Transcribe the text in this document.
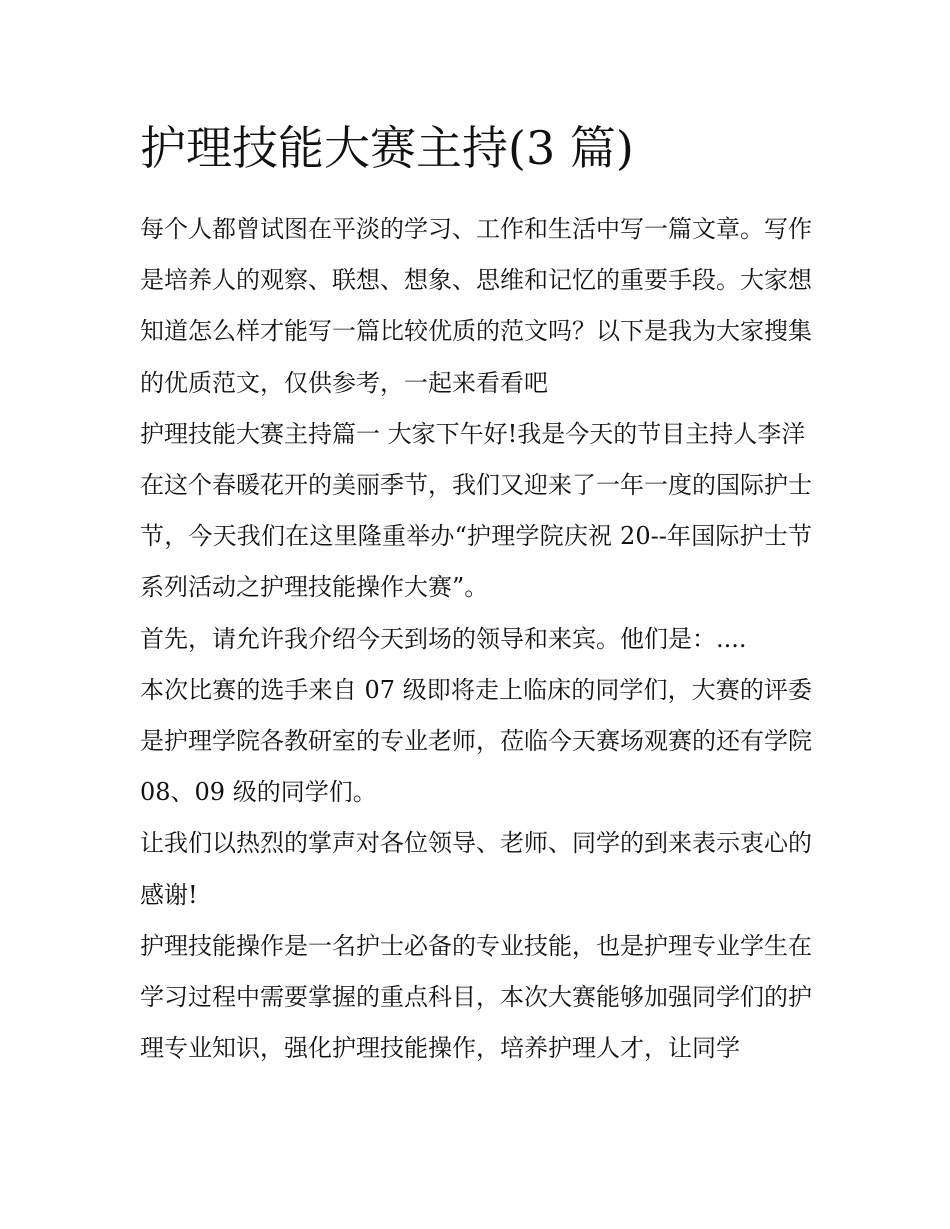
护理技能大赛主持(3 篇)

每个人都曾试图在平淡的学习、工作和生活中写一篇文章。写作是培养人的观察、联想、想象、思维和记忆的重要手段。大家想知道怎么样才能写一篇比较优质的范文吗？以下是我为大家搜集的优质范文，仅供参考，一起来看看吧

护理技能大赛主持篇一 大家下午好!我是今天的节目主持人李洋

在这个春暖花开的美丽季节，我们又迎来了一年一度的国际护士节，今天我们在这里隆重举办“护理学院庆祝 20--年国际护士节系列活动之护理技能操作大赛”。

首先，请允许我介绍今天到场的领导和来宾。他们是：....

本次比赛的选手来自 07 级即将走上临床的同学们，大赛的评委是护理学院各教研室的专业老师，莅临今天赛场观赛的还有学院 08、09 级的同学们。

让我们以热烈的掌声对各位领导、老师、同学的到来表示衷心的感谢!

护理技能操作是一名护士必备的专业技能，也是护理专业学生在学习过程中需要掌握的重点科目，本次大赛能够加强同学们的护理专业知识，强化护理技能操作，培养护理人才，让同学
